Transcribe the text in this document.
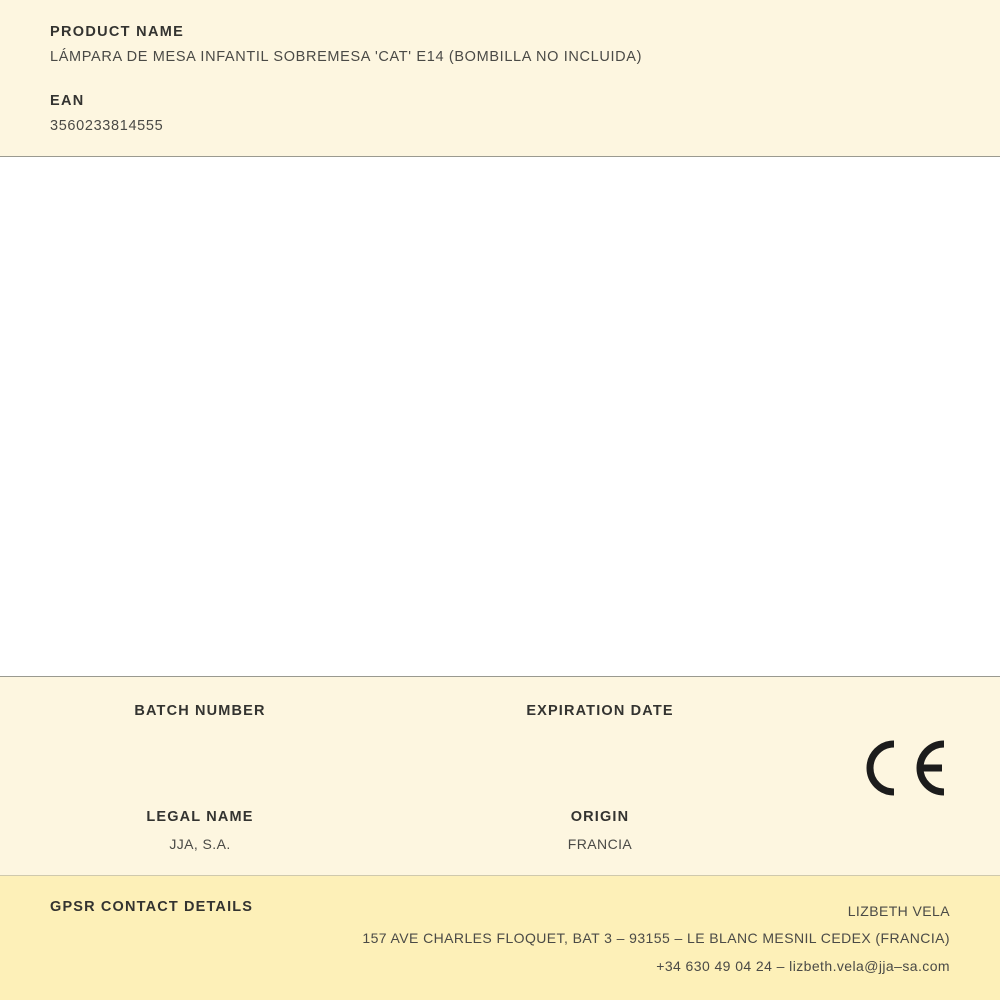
PRODUCT NAME
LÁMPARA DE MESA INFANTIL SOBREMESA 'CAT' E14 (BOMBILLA NO INCLUIDA)
EAN
3560233814555
BATCH NUMBER	EXPIRATION DATE
LEGAL NAME
JJA, S.A.
ORIGIN
FRANCIA
GPSR CONTACT DETAILS	LIZBETH VELA
157 AVE CHARLES FLOQUET, BAT 3 – 93155 – LE BLANC MESNIL CEDEX (FRANCIA)
+34 630 49 04 24 – lizbeth.vela@jja–sa.com
